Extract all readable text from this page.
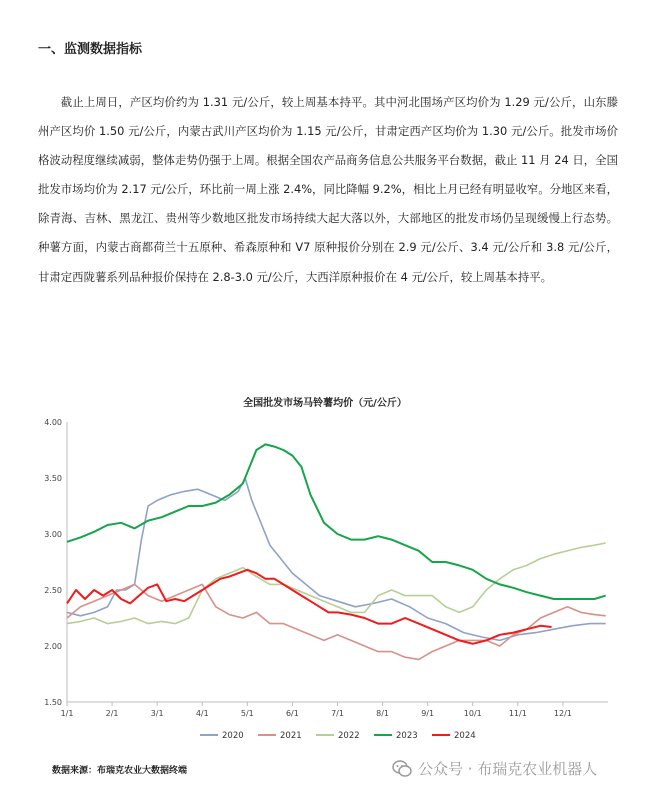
一、监测数据指标
截止上周日，产区均价约为 1.31 元/公斤，较上周基本持平。其中河北围场产区均价为 1.29 元/公斤，山东滕州产区均价 1.50 元/公斤，内蒙古武川产区均价为 1.15 元/公斤，甘肃定西产区均价为 1.30 元/公斤。批发市场价格波动程度继续减弱，整体走势仍强于上周。根据全国农产品商务信息公共服务平台数据，截止 11 月 24 日，全国批发市场均价为 2.17 元/公斤，环比前一周上涨 2.4%，同比降幅 9.2%，相比上月已经有明显收窄。分地区来看，除青海、吉林、黑龙江、贵州等少数地区批发市场持续大起大落以外，大部地区的批发市场仍呈现缓慢上行态势。种薯方面，内蒙古商都荷兰十五原种、希森原种和 V7 原种报价分别在 2.9 元/公斤、3.4 元/公斤和 3.8 元/公斤，甘肃定西陇薯系列品种报价保持在 2.8-3.0 元/公斤，大西洋原种报价在 4 元/公斤，较上周基本持平。
全国批发市场马铃薯均价（元/公斤）
1.50
2.00
2.50
3.00
3.50
4.00
1/1	2/1	3/1	4/1	5/1	6/1	7/1	8/1	9/1	10/1	11/1	12/1
2020	2021	2022	2023	2024
数据来源：布瑞克农业大数据终端	公众号 · 布瑞克农业机器人
